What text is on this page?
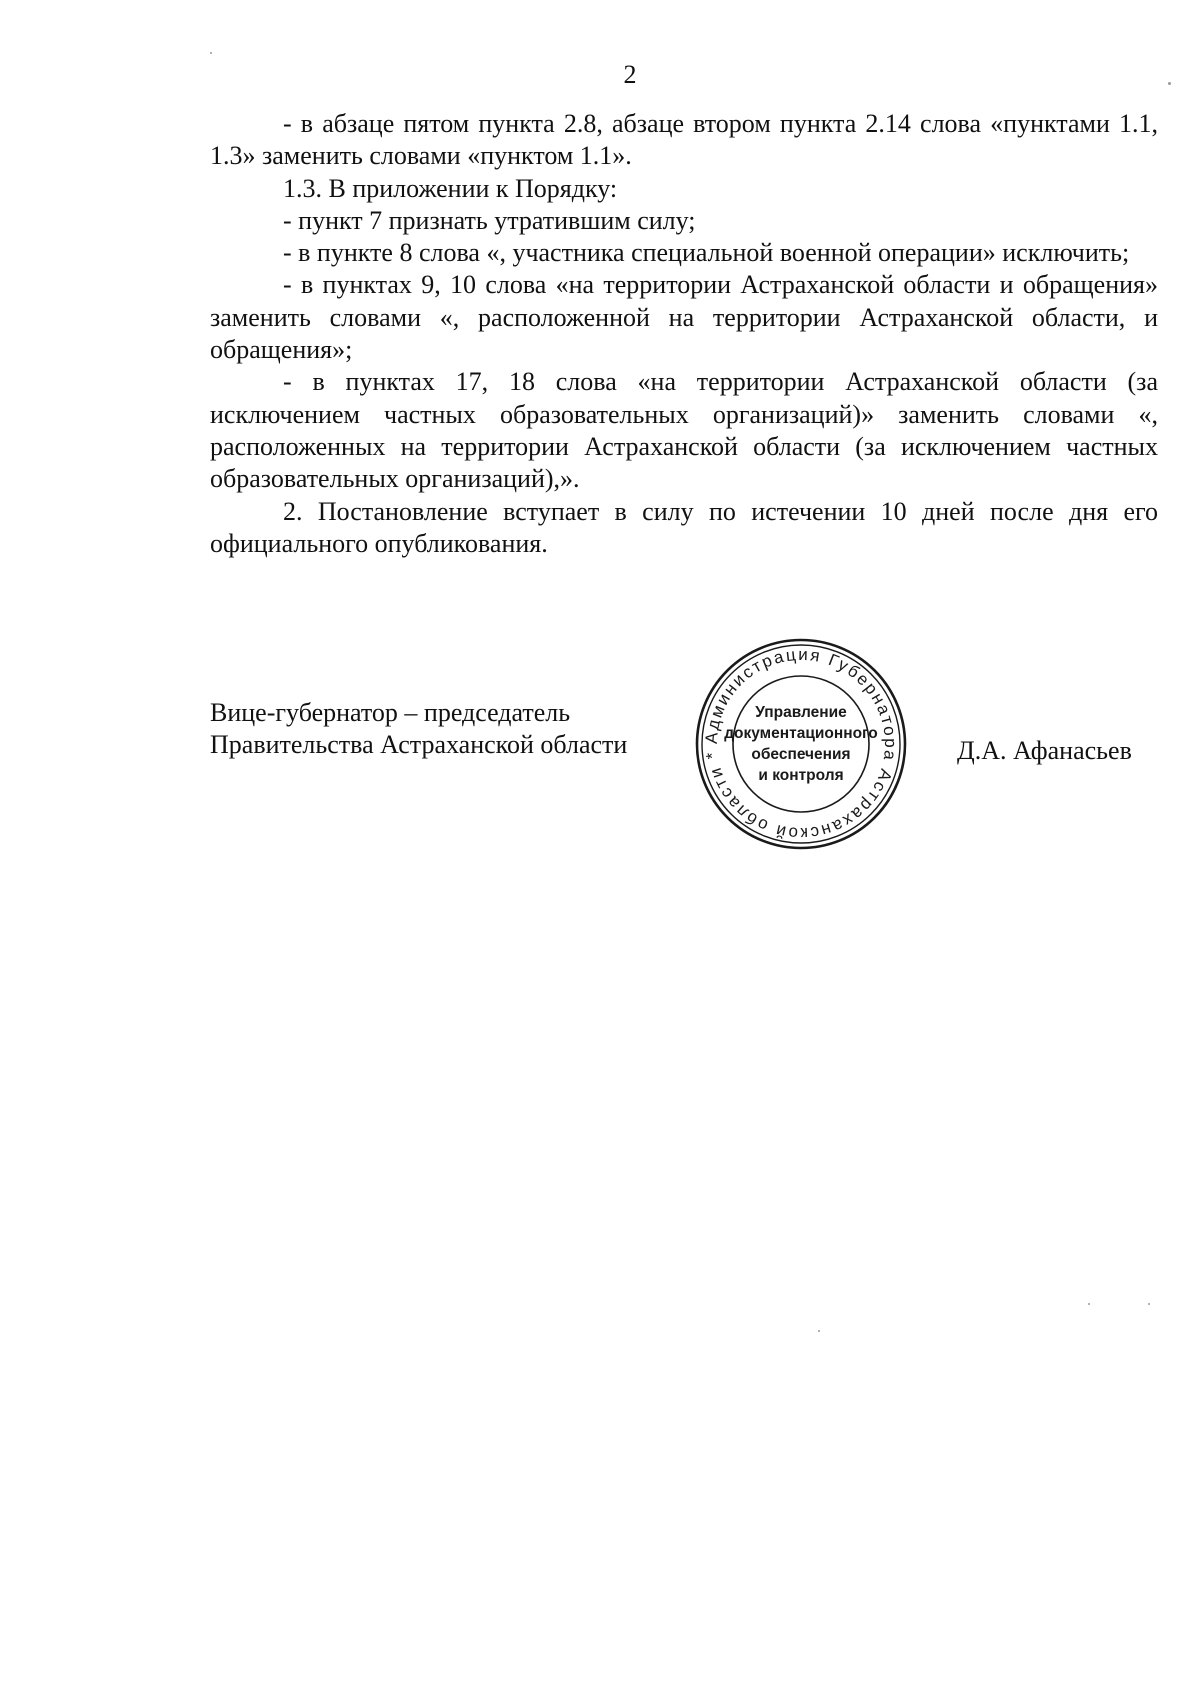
2

- в абзаце пятом пункта 2.8, абзаце втором пункта 2.14 слова «пунктами 1.1, 1.3» заменить словами «пунктом 1.1».

1.3. В приложении к Порядку:

- пункт 7 признать утратившим силу;

- в пункте 8 слова «, участника специальной военной операции» исключить;

- в пунктах 9, 10 слова «на территории Астраханской области и обращения» заменить словами «, расположенной на территории Астраханской области, и обращения»;

- в пунктах 17, 18 слова «на территории Астраханской области (за исключением частных образовательных организаций)» заменить словами «, расположенных на территории Астраханской области (за исключением частных образовательных организаций),».

2. Постановление вступает в силу по истечении 10 дней после дня его официального опубликования.

Вице-губернатор – председатель
Правительства Астраханской области	Администрация Губернатора Астраханской области *
Управление
документационного
обеспечения
и контроля
Д.А. Афанасьев
